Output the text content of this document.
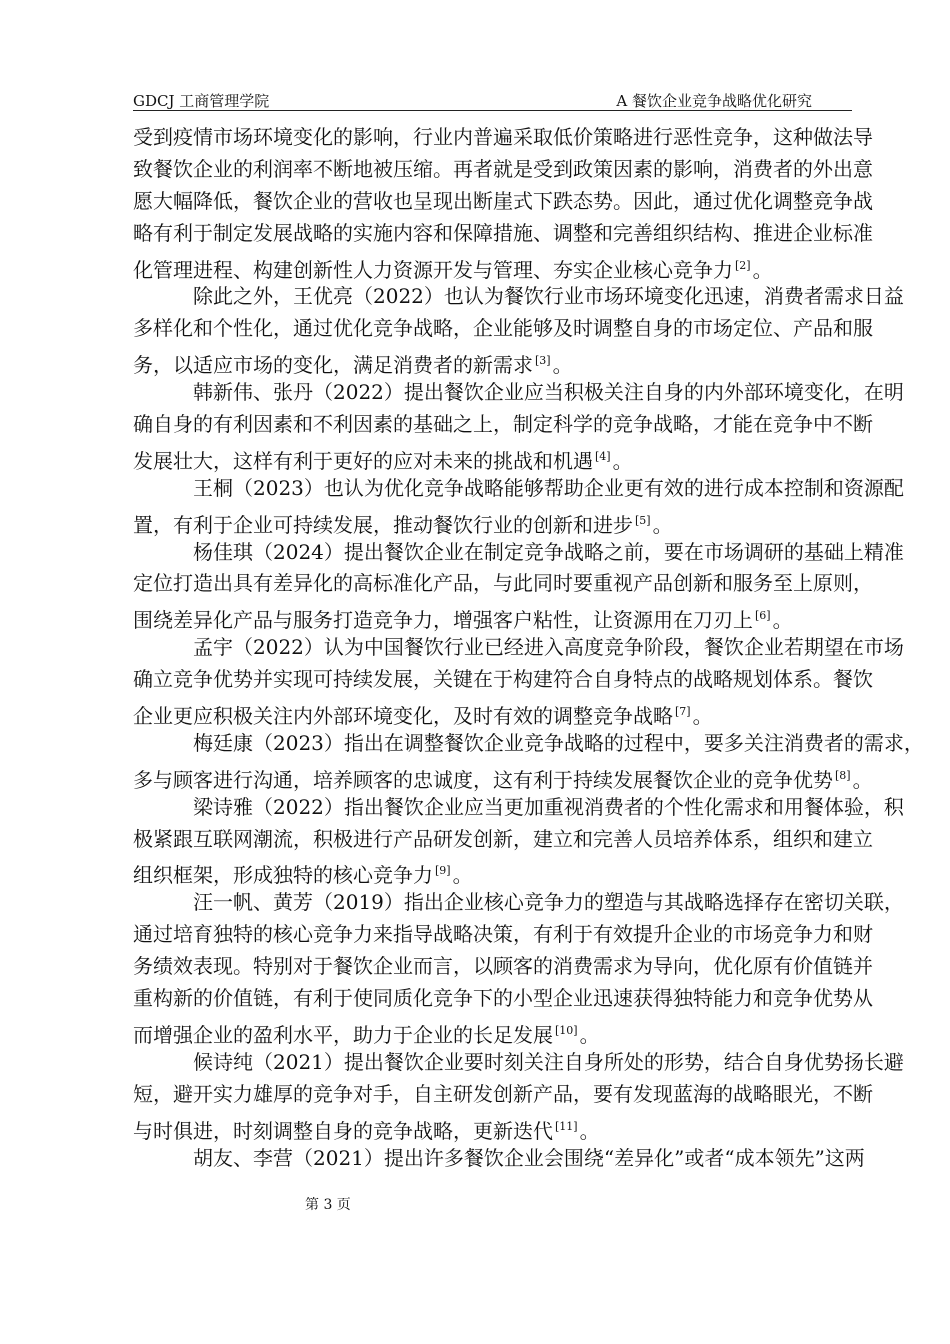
GDCJ 工商管理学院	A 餐饮企业竞争战略优化研究
受到疫情市场环境变化的影响，行业内普遍采取低价策略进行恶性竞争，这种做法导
致餐饮企业的利润率不断地被压缩。再者就是受到政策因素的影响，消费者的外出意
愿大幅降低，餐饮企业的营收也呈现出断崖式下跌态势。因此，通过优化调整竞争战
略有利于制定发展战略的实施内容和保障措施、调整和完善组织结构、推进企业标准
化管理进程、构建创新性人力资源开发与管理、夯实企业核心竞争力 [2] 。
除此之外，王优亮（2022）也认为餐饮行业市场环境变化迅速，消费者需求日益
多样化和个性化，通过优化竞争战略，企业能够及时调整自身的市场定位、产品和服
务，以适应市场的变化，满足消费者的新需求 [3] 。
韩新伟、张丹（2022）提出餐饮企业应当积极关注自身的内外部环境变化，在明
确自身的有利因素和不利因素的基础之上，制定科学的竞争战略，才能在竞争中不断
发展壮大，这样有利于更好的应对未来的挑战和机遇 [4] 。
王桐（2023）也认为优化竞争战略能够帮助企业更有效的进行成本控制和资源配
置，有利于企业可持续发展，推动餐饮行业的创新和进步 [5] 。
杨佳琪（2024）提出餐饮企业在制定竞争战略之前，要在市场调研的基础上精准
定位打造出具有差异化的高标准化产品，与此同时要重视产品创新和服务至上原则，
围绕差异化产品与服务打造竞争力，增强客户粘性，让资源用在刀刃上 [6] 。
孟宇（2022）认为中国餐饮行业已经进入高度竞争阶段，餐饮企业若期望在市场
确立竞争优势并实现可持续发展，关键在于构建符合自身特点的战略规划体系。餐饮
企业更应积极关注内外部环境变化，及时有效的调整竞争战略 [7] 。
梅廷康（2023）指出在调整餐饮企业竞争战略的过程中，要多关注消费者的需求，
多与顾客进行沟通，培养顾客的忠诚度，这有利于持续发展餐饮企业的竞争优势 [8] 。
梁诗雅（2022）指出餐饮企业应当更加重视消费者的个性化需求和用餐体验，积
极紧跟互联网潮流，积极进行产品研发创新，建立和完善人员培养体系，组织和建立
组织框架，形成独特的核心竞争力 [9] 。
汪一帆、黄芳（2019）指出企业核心竞争力的塑造与其战略选择存在密切关联，
通过培育独特的核心竞争力来指导战略决策，有利于有效提升企业的市场竞争力和财
务绩效表现。特别对于餐饮企业而言，以顾客的消费需求为导向，优化原有价值链并
重构新的价值链，有利于使同质化竞争下的小型企业迅速获得独特能力和竞争优势从
而增强企业的盈利水平，助力于企业的长足发展 [10] 。
候诗纯（2021）提出餐饮企业要时刻关注自身所处的形势，结合自身优势扬长避
短，避开实力雄厚的竞争对手，自主研发创新产品，要有发现蓝海的战略眼光，不断
与时俱进，时刻调整自身的竞争战略，更新迭代 [11] 。
胡友、李营（2021）提出许多餐饮企业会围绕“差异化”或者“成本领先”这两
第 3 页
